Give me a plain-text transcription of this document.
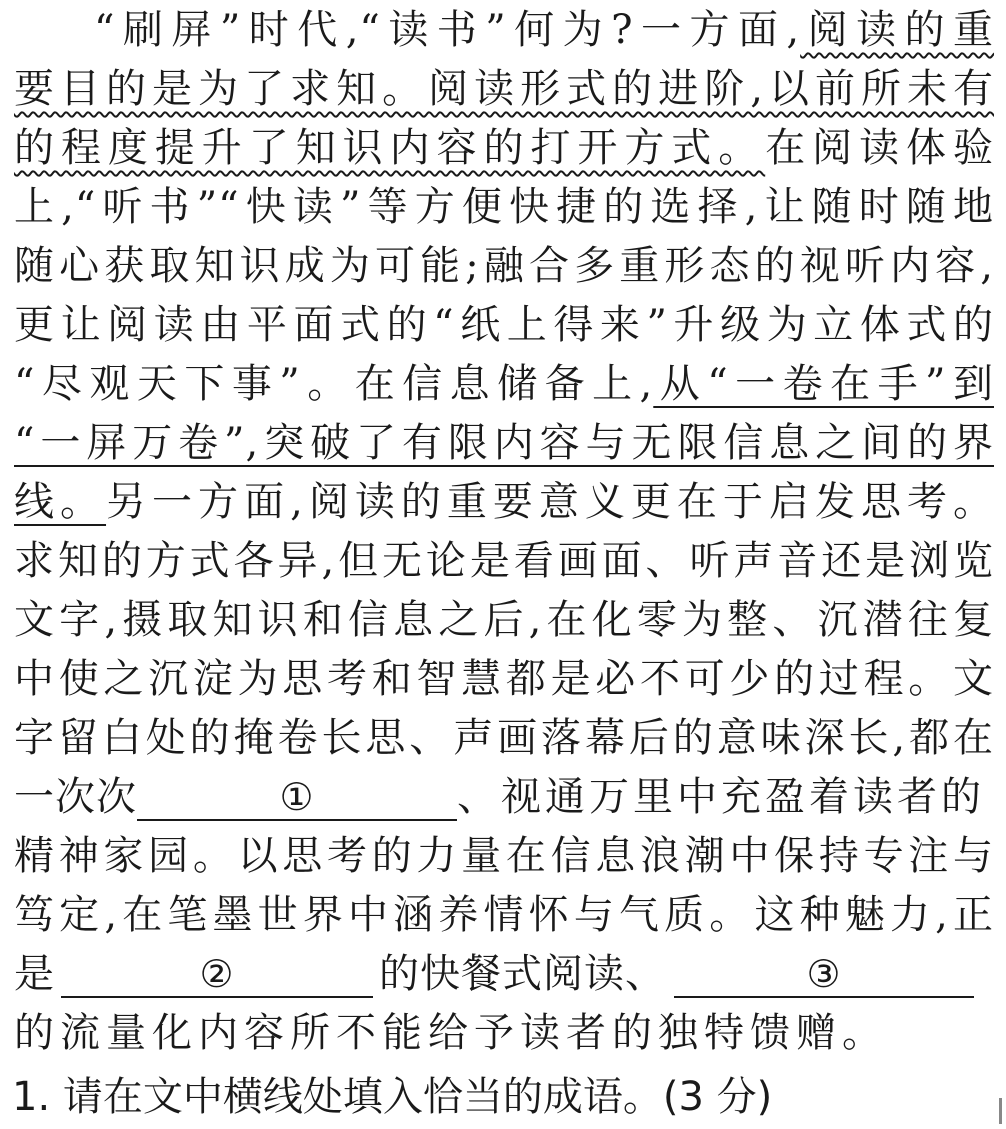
“刷屏”时代,“读书”何为?一方面,阅读的重
要目的是为了求知。阅读形式的进阶,以前所未有
的程度提升了知识内容的打开方式。在阅读体验
上,“听书”“快读”等方便快捷的选择,让随时随地
随心获取知识成为可能;融合多重形态的视听内容,
更让阅读由平面式的“纸上得来”升级为立体式的
“尽观天下事”。在信息储备上,从“一卷在手”到
“一屏万卷”,突破了有限内容与无限信息之间的界
线。另一方面,阅读的重要意义更在于启发思考。
求知的方式各异,但无论是看画面、听声音还是浏览
文字,摄取知识和信息之后,在化零为整、沉潜往复
中使之沉淀为思考和智慧都是必不可少的过程。文
字留白处的掩卷长思、声画落幕后的意味深长,都在
一次次	①	、视通万里中充盈着读者的
精神家园。以思考的力量在信息浪潮中保持专注与
笃定,在笔墨世界中涵养情怀与气质。这种魅力,正
是	②	的快餐式阅读、	③
的流量化内容所不能给予读者的独特馈赠。
1. 请在文中横线处填入恰当的成语。(3 分)
